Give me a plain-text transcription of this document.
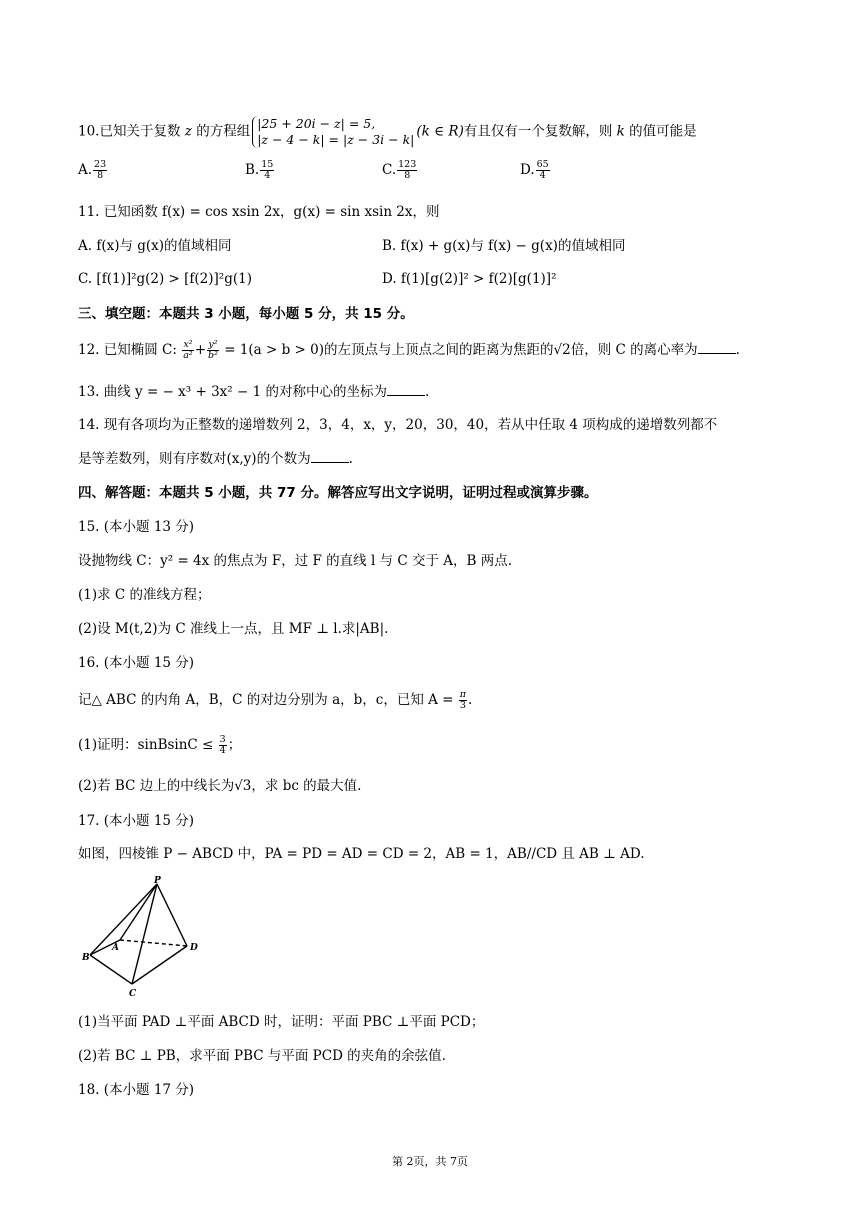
10.已知关于复数 z 的方程组 |25 + 20i − z| = 5,
|z − 4 − k| = |z − 3i − k| (k ∈ R)有且仅有一个复数解，则 k 的值可能是
A. $\frac{23}{8}$	B. $\frac{15}{4}$	C. $\frac{123}{8}$	D. $\frac{65}{4}$
11. 已知函数 f(x) = cos xsin 2x，g(x) = sin xsin 2x，则
A. f(x)与 g(x)的值域相同	B. f(x) + g(x)与 f(x) − g(x)的值域相同
C. [f(1)]²g(2) > [f(2)]²g(1)	D. f(1)[g(2)]² > f(2)[g(1)]²
三、填空题：本题共 3 小题，每小题 5 分，共 15 分。
12. 已知椭圆 C: $\frac{\text{x²}}{\text{a²}} + \frac{\text{y²}}{\text{b²}} = 1(a > b > 0)$的左顶点与上顶点之间的距离为焦距的√2倍，则 C 的离心率为	.
13. 曲线 y = − x³ + 3x² − 1 的对称中心的坐标为	.
14. 现有各项均为正整数的递增数列 2，3，4，x，y，20，30，40，若从中任取 4 项构成的递增数列都不
是等差数列，则有序数对(x,y)的个数为	.
四、解答题：本题共 5 小题，共 77 分。解答应写出文字说明，证明过程或演算步骤。
15. (本小题 13 分)
设抛物线 C：y² = 4x 的焦点为 F，过 F 的直线 l 与 C 交于 A，B 两点.
(1)求 C 的准线方程；
(2)设 M(t,2)为 C 准线上一点，且 MF ⊥ l.求|AB|.
16. (本小题 15 分)
记△ ABC 的内角 A，B，C 的对边分别为 a，b，c，已知 $A = \frac{\pi}{3}$ .
(1)证明：sinBsinC ≤ $\frac{3}{4}$ ；
(2)若 BC 边上的中线长为√3，求 bc 的最大值.
17. (本小题 15 分)
如图，四棱锥 P − ABCD 中，PA = PD = AD = CD = 2，AB = 1，AB//CD 且 AB ⊥ AD.
P
A
B
C
D
(1)当平面 PAD ⊥平面 ABCD 时，证明：平面 PBC ⊥平面 PCD；
(2)若 BC ⊥ PB，求平面 PBC 与平面 PCD 的夹角的余弦值.
18. (本小题 17 分)
第 2页，共 7页
